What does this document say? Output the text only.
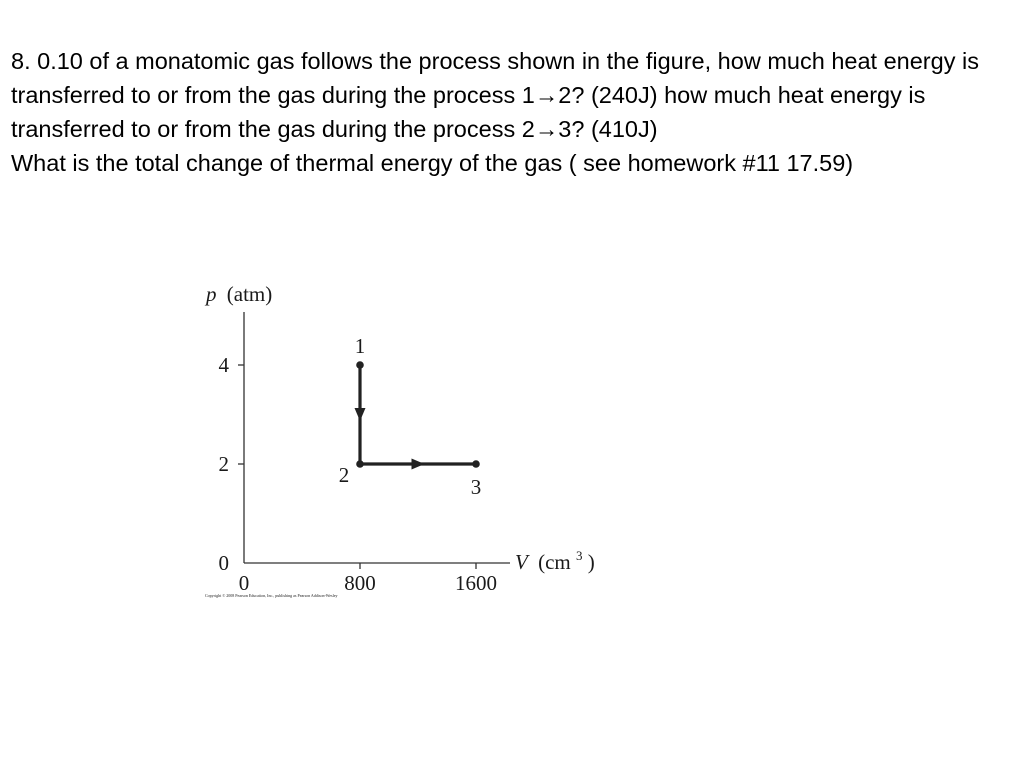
8. 0.10 of a monatomic gas follows the process shown in the figure, how much heat energy is transferred to or from the gas during the process 1→2? (240J) how much heat energy is transferred to or from the gas during the process 2→3? (410J)

What is the total change of thermal energy of the gas ( see homework #11 17.59)

p (atm)
V (cm $^3$ )
0
2
4
0	800	1600
1
2	3
Copyright © 2008 Pearson Education, Inc., publishing as Pearson Addison-Wesley
